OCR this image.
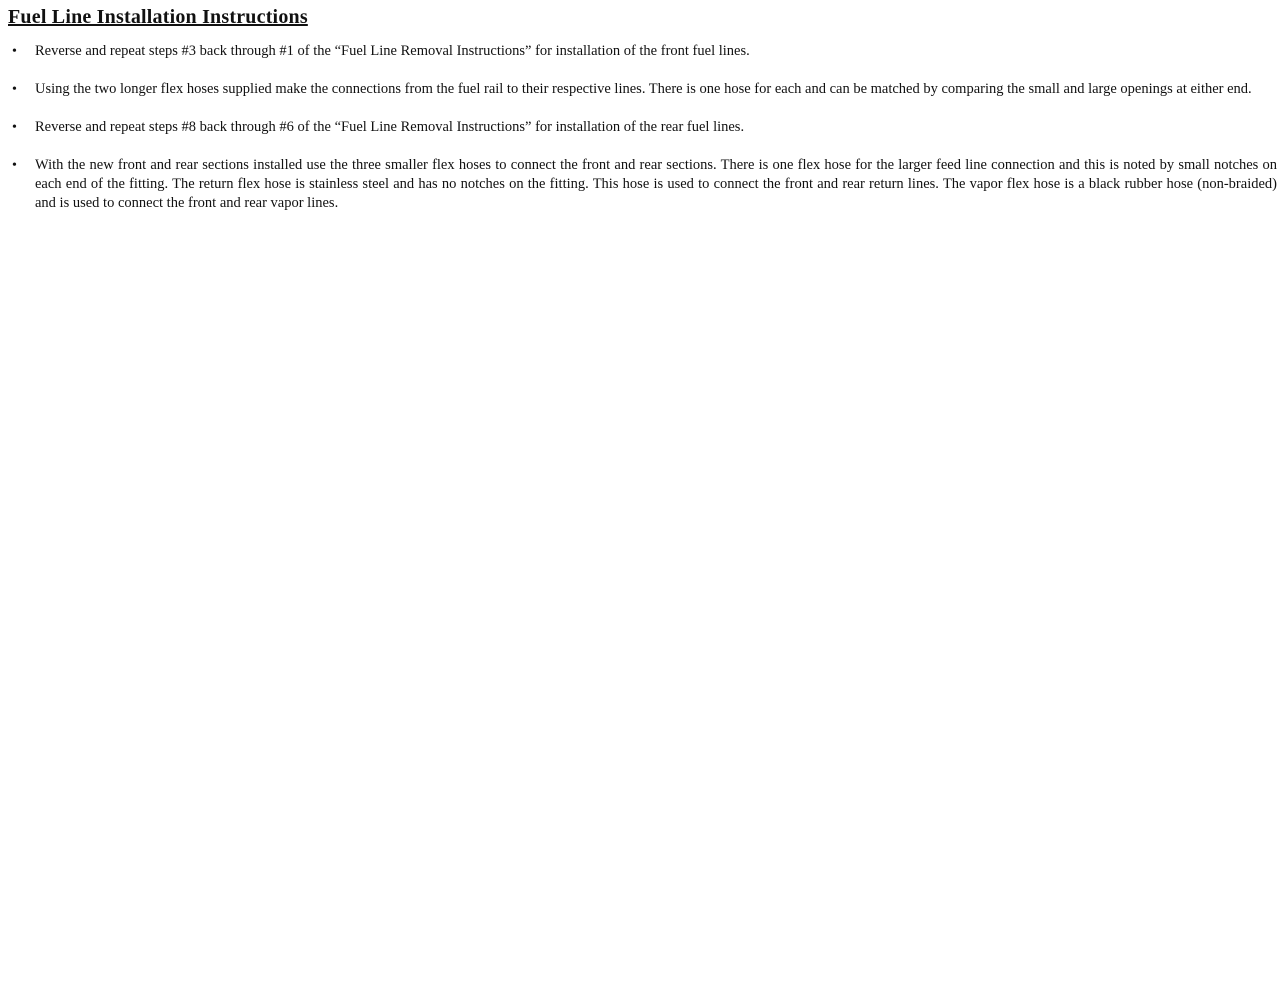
Fuel Line Installation Instructions
•	Reverse and repeat steps #3 back through #1 of the “Fuel Line Removal Instructions” for installation of the front fuel lines.

•	Using the two longer flex hoses supplied make the connections from the fuel rail to their respective lines. There is one hose for each and can be matched by comparing the small and large openings at either end.

•	Reverse and repeat steps #8 back through #6 of the “Fuel Line Removal Instructions” for installation of the rear fuel lines.

•	With the new front and rear sections installed use the three smaller flex hoses to connect the front and rear sections. There is one flex hose for the larger feed line connection and this is noted by small notches on each end of the fitting. The return flex hose is stainless steel and has no notches on the fitting. This hose is used to connect the front and rear return lines. The vapor flex hose is a black rubber hose (non-braided) and is used to connect the front and rear vapor lines.
